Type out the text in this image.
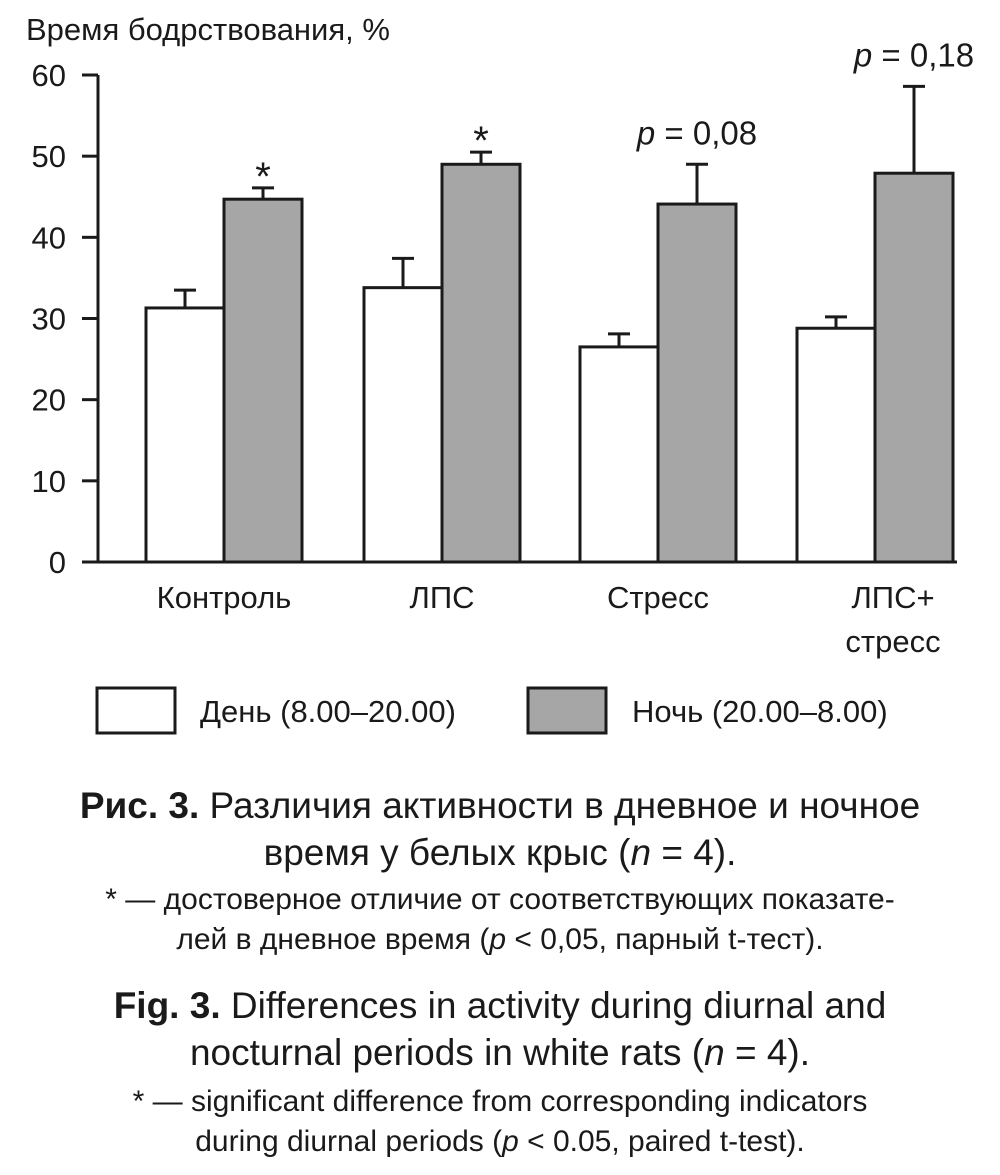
Время бодрствования, %
0
10
20
30
40
50
60
*
*	p = 0,08
p = 0,18
Контроль	ЛПС	Стресс	ЛПС+
стресс
День (8.00–20.00)	Ночь (20.00–8.00)
Рис. 3. Различия активности в дневное и ночное
время у белых крыс (n = 4).
* — достоверное отличие от соответствующих показате-
лей в дневное время (p < 0,05, парный t-тест).
Fig. 3. Differences in activity during diurnal and
nocturnal periods in white rats (n = 4).
* — significant difference from corresponding indicators
during diurnal periods (p < 0.05, paired t-test).
